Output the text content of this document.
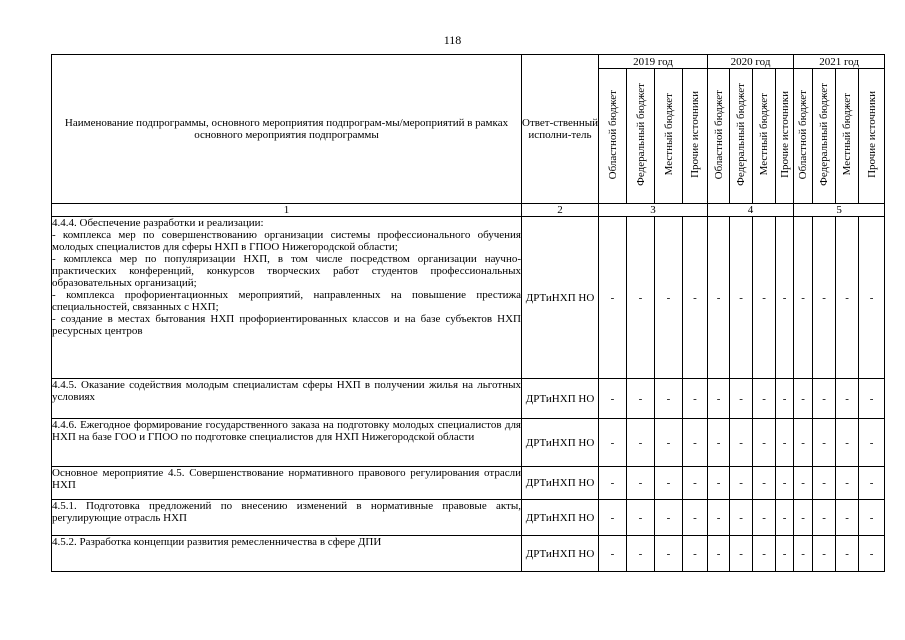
118
Наименование подпрограммы, основного мероприятия подпрограм-мы/мероприятий в рамках основного мероприятия подпрограммы	Ответ-ственный исполни-тель	2019 год				2020 год				2021 год			
		Областной бюджет	Федеральный бюджет	Местный бюджет	Прочие источники	Областной бюджет	Федеральный бюджет	Местный бюджет	Прочие источники	Областной бюджет	Федеральный бюджет	Местный бюджет	Прочие источники
1	2	3				4				5			

4.4.4. Обеспечение разработки и реализации:
- комплекса мер по совершенствованию организации системы профессионального обучения молодых специалистов для сферы НХП в ГПОО Нижегородской области;
- комплекса мер по популяризации НХП, в том числе посредством организации научно-практических конференций, конкурсов творческих работ студентов профессиональных образовательных организаций;
- комплекса профориентационных мероприятий, направленных на повышение престижа специальностей, связанных с НХП;
- создание в местах бытования НХП профориентированных классов и на базе субъектов НХП ресурсных центров	ДРТиНХП НО	-	-	-	-	-	-	-	-	-	-	-	-

4.4.5. Оказание содействия молодым специалистам сферы НХП в получении жилья на льготных условиях	ДРТиНХП НО	-	-	-	-	-	-	-	-	-	-	-	-

4.4.6. Ежегодное формирование государственного заказа на подготовку молодых специалистов для НХП на базе ГОО и ГПОО по подготовке специалистов для НХП Нижегородской области	ДРТиНХП НО	-	-	-	-	-	-	-	-	-	-	-	-

Основное мероприятие 4.5. Совершенствование нормативного правового регулирования отрасли НХП	ДРТиНХП НО	-	-	-	-	-	-	-	-	-	-	-	-

4.5.1. Подготовка предложений по внесению изменений в нормативные правовые акты, регулирующие отрасль НХП	ДРТиНХП НО	-	-	-	-	-	-	-	-	-	-	-	-

4.5.2. Разработка концепции развития ремесленничества в сфере ДПИ	ДРТиНХП НО	-	-	-	-	-	-	-	-	-	-	-	-
